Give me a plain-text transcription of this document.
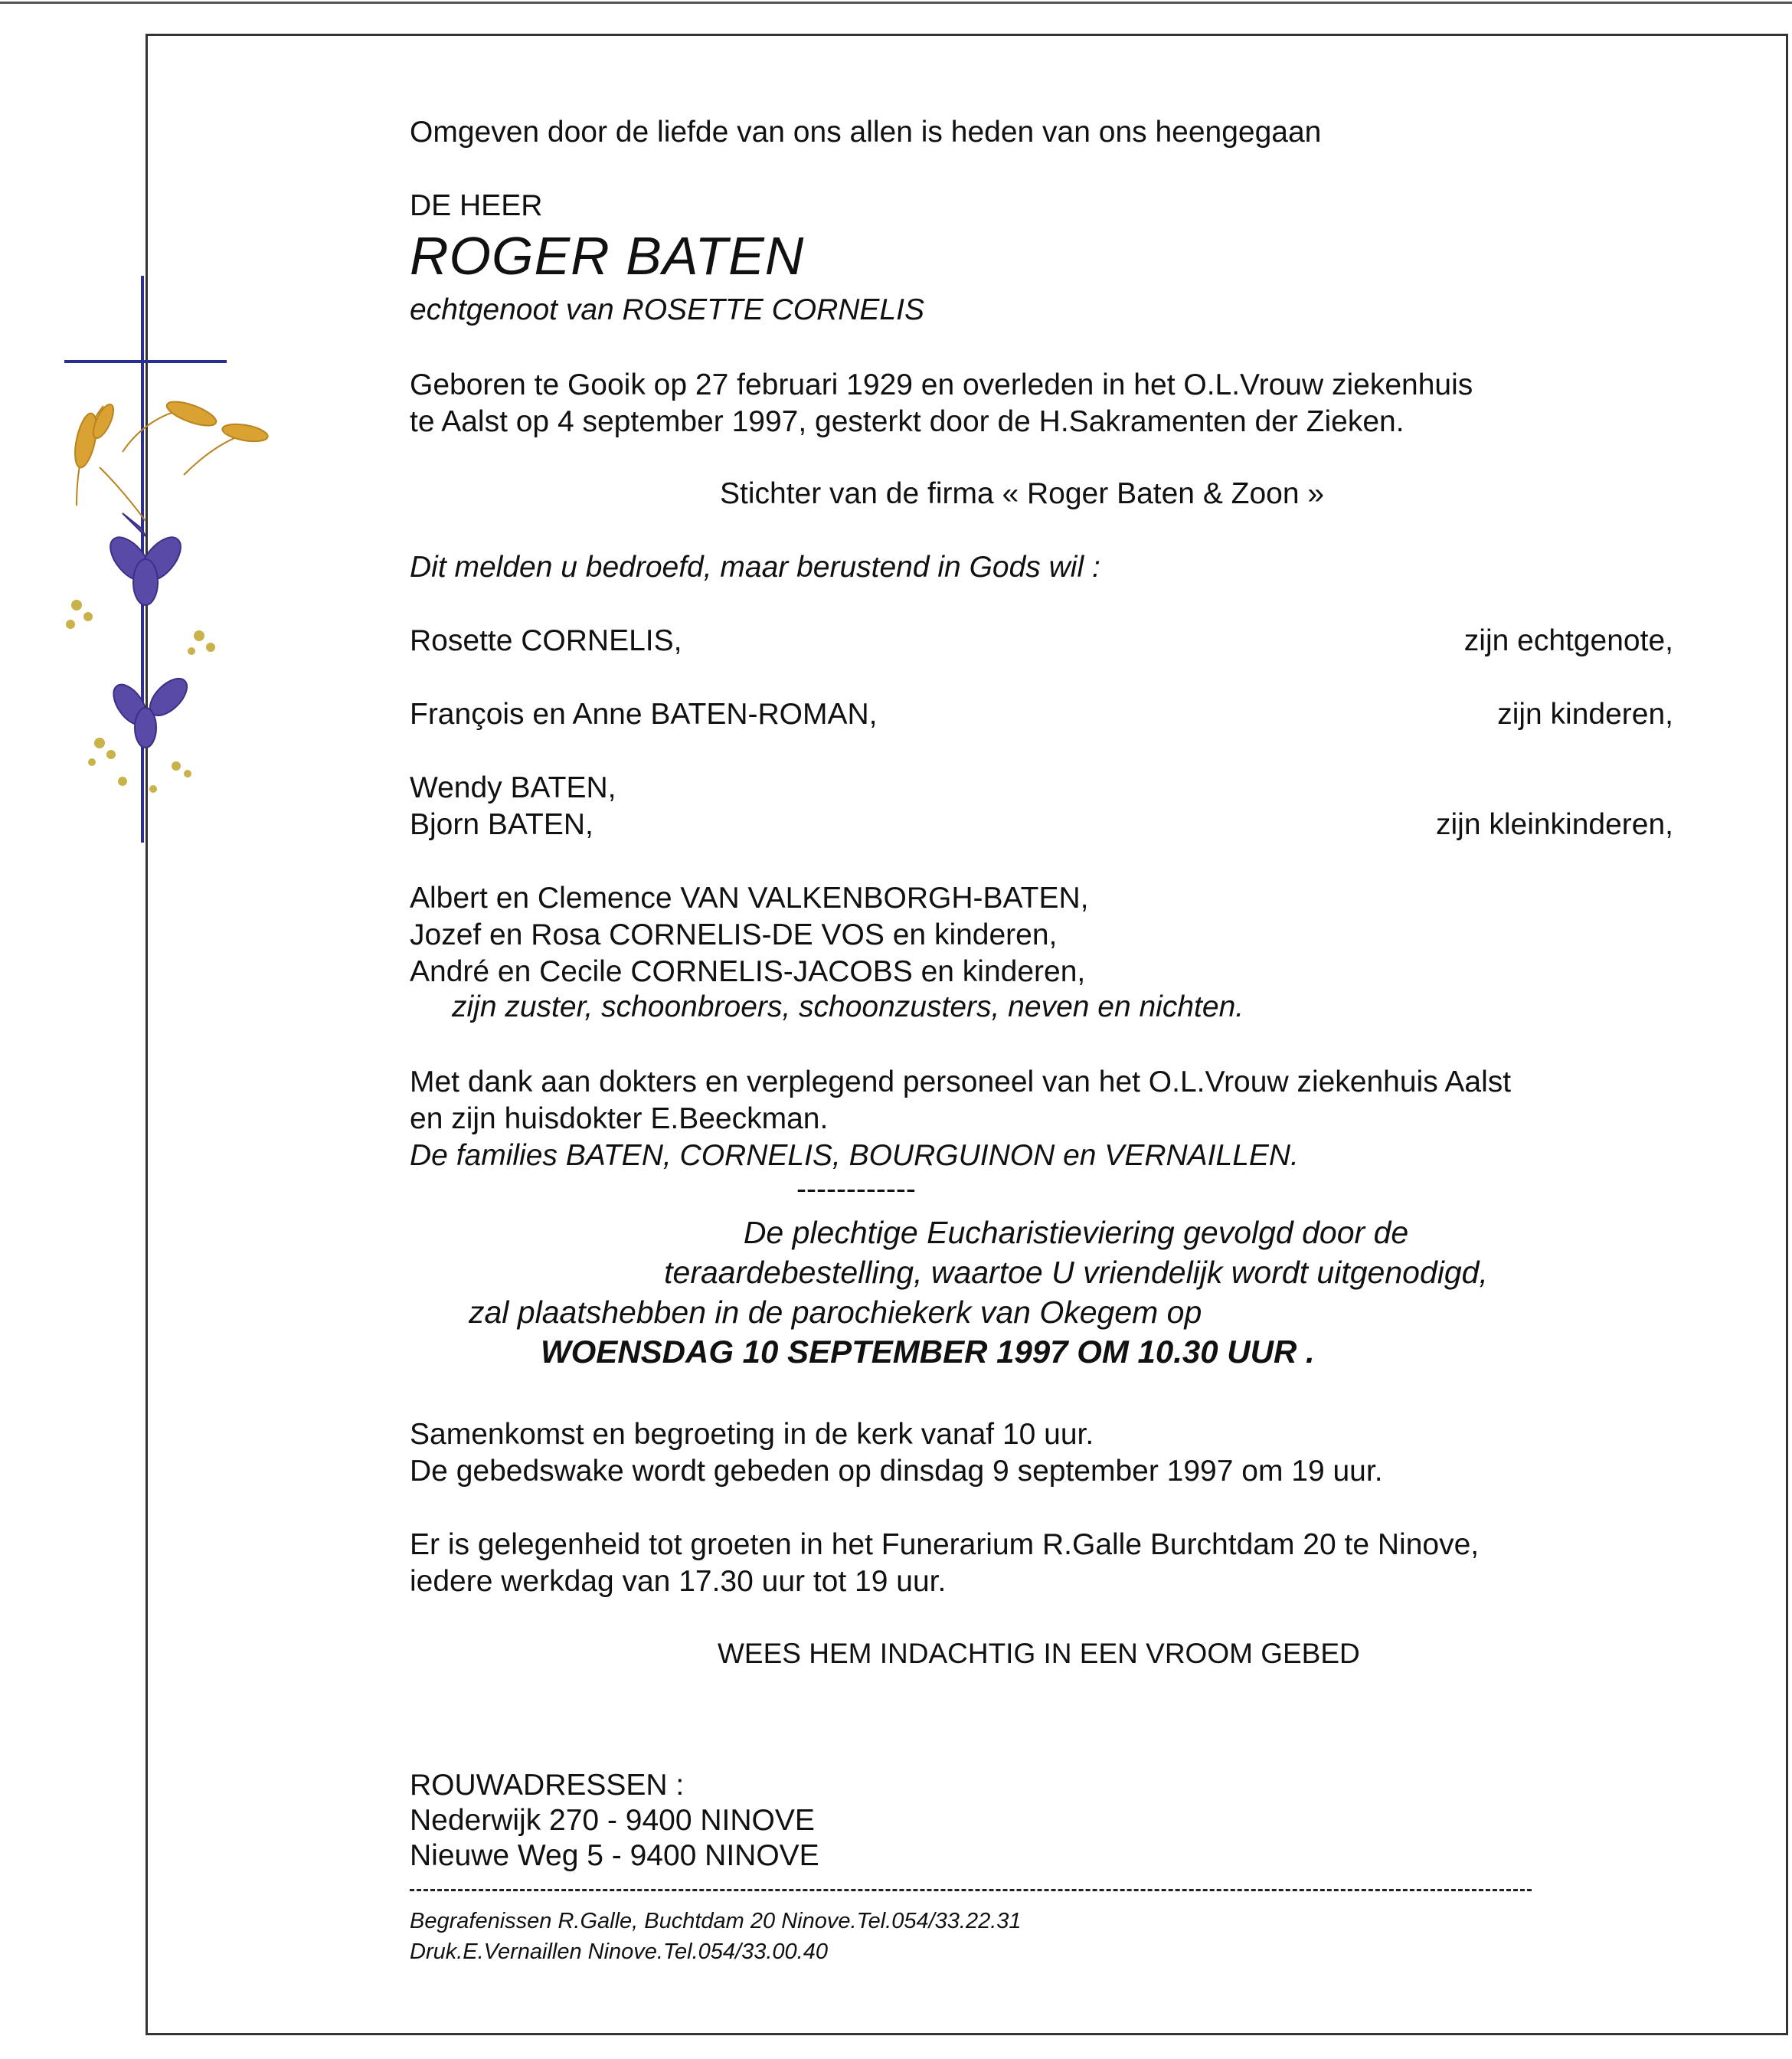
Omgeven door de liefde van ons allen is heden van ons heengegaan
DE HEER
ROGER BATEN
echtgenoot van ROSETTE CORNELIS
Geboren te Gooik op 27 februari 1929 en overleden in het O.L.Vrouw ziekenhuis
te Aalst op 4 september 1997, gesterkt door de H.Sakramenten der Zieken.
Stichter van de firma « Roger Baten & Zoon »
Dit melden u bedroefd, maar berustend in Gods wil :
Rosette CORNELIS,	zijn echtgenote,
François en Anne BATEN-ROMAN,	zijn kinderen,
Wendy BATEN,
Bjorn BATEN,	zijn kleinkinderen,
Albert en Clemence VAN VALKENBORGH-BATEN,
Jozef en Rosa CORNELIS-DE VOS en kinderen,
André en Cecile CORNELIS-JACOBS en kinderen,
zijn zuster, schoonbroers, schoonzusters, neven en nichten.
Met dank aan dokters en verplegend personeel van het O.L.Vrouw ziekenhuis Aalst
en zijn huisdokter E.Beeckman.
De families BATEN, CORNELIS, BOURGUINON en VERNAILLEN.
------------
De plechtige Eucharistieviering gevolgd door de
teraardebestelling, waartoe U vriendelijk wordt uitgenodigd,
zal plaatshebben in de parochiekerk van Okegem op
WOENSDAG 10 SEPTEMBER 1997 OM 10.30 UUR .
Samenkomst en begroeting in de kerk vanaf 10 uur.
De gebedswake wordt gebeden op dinsdag 9 september 1997 om 19 uur.
Er is gelegenheid tot groeten in het Funerarium R.Galle Burchtdam 20 te Ninove,
iedere werkdag van 17.30 uur tot 19 uur.
WEES HEM INDACHTIG IN EEN VROOM GEBED
ROUWADRESSEN :
Nederwijk 270 - 9400 NINOVE
Nieuwe Weg 5 - 9400 NINOVE
Begrafenissen R.Galle, Buchtdam 20 Ninove.Tel.054/33.22.31
Druk.E.Vernaillen Ninove.Tel.054/33.00.40
